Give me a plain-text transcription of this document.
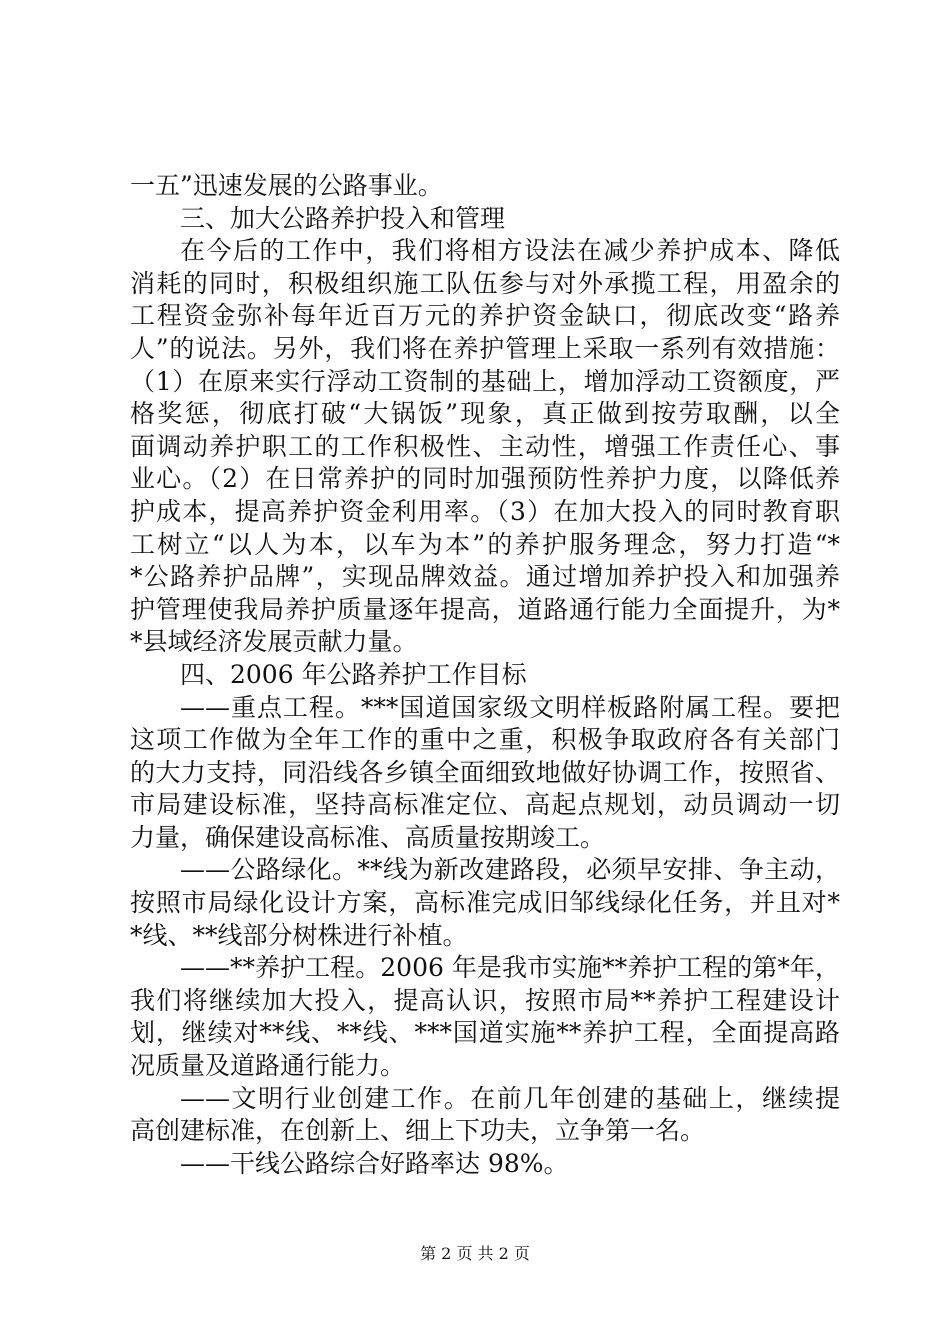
一五”迅速发展的公路事业。
三、加大公路养护投入和管理
在今后的工作中，我们将相方设法在减少养护成本、降低
消耗的同时，积极组织施工队伍参与对外承揽工程，用盈余的
工程资金弥补每年近百万元的养护资金缺口，彻底改变“路养
人”的说法。另外，我们将在养护管理上采取一系列有效措施：
（1）在原来实行浮动工资制的基础上，增加浮动工资额度，严
格奖惩，彻底打破“大锅饭”现象，真正做到按劳取酬，以全
面调动养护职工的工作积极性、主动性，增强工作责任心、事
业心。（2）在日常养护的同时加强预防性养护力度，以降低养
护成本，提高养护资金利用率。（3）在加大投入的同时教育职
工树立“以人为本，以车为本”的养护服务理念，努力打造“*
*公路养护品牌”，实现品牌效益。通过增加养护投入和加强养
护管理使我局养护质量逐年提高，道路通行能力全面提升，为*
*县域经济发展贡献力量。
四、2006 年公路养护工作目标
——重点工程。***国道国家级文明样板路附属工程。要把
这项工作做为全年工作的重中之重，积极争取政府各有关部门
的大力支持，同沿线各乡镇全面细致地做好协调工作，按照省、
市局建设标准，坚持高标准定位、高起点规划，动员调动一切
力量，确保建设高标准、高质量按期竣工。
——公路绿化。**线为新改建路段，必须早安排、争主动，
按照市局绿化设计方案，高标准完成旧邹线绿化任务，并且对*
*线、**线部分树株进行补植。
——**养护工程。2006 年是我市实施**养护工程的第*年，
我们将继续加大投入，提高认识，按照市局**养护工程建设计
划，继续对**线、**线、***国道实施**养护工程，全面提高路
况质量及道路通行能力。
——文明行业创建工作。在前几年创建的基础上，继续提
高创建标准，在创新上、细上下功夫，立争第一名。
——干线公路综合好路率达 98%。
第 2 页 共 2 页
